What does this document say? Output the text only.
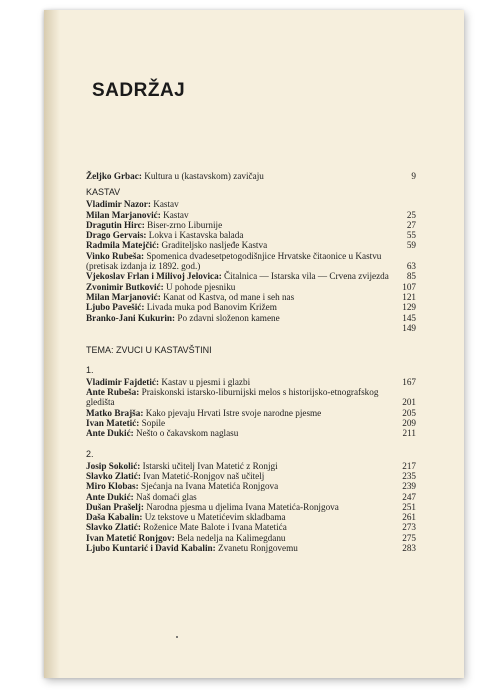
SADRŽAJ
Željko Grbac: Kultura u (kastavskom) zavičaju	9
KASTAV
Vladimir Nazor: Kastav
Milan Marjanović: Kastav	25
Dragutin Hirc: Biser-zrno Liburnije	27
Drago Gervais: Lokva i Kastavska balada	55
Radmila Matejčić: Graditeljsko nasljeđe Kastva	59
Vinko Rubeša: Spomenica dvadesetpetogodišnjice Hrvatske čitaonice u Kastvu (pretisak izdanja iz 1892. god.)	63
Vjekoslav Frlan i Milivoj Jelovica: Čitalnica — Istarska vila — Crvena zvijezda	85
Zvonimir Butković: U pohode pjesniku	107
Milan Marjanović: Kanat od Kastva, od mane i seh nas	121
Ljubo Pavešić: Livada muka pod Banovim Križem	129
Branko-Jani Kukurin: Po zdavni složenon kamene	145
149
TEMA: ZVUCI U KASTAVŠTINI
1.
Vladimir Fajdetić: Kastav u pjesmi i glazbi	167
Ante Rubeša: Praiskonski istarsko-liburnijski melos s historijsko-etnografskog gledišta	201
Matko Brajša: Kako pjevaju Hrvati Istre svoje narodne pjesme	205
Ivan Matetić: Sopile	209
Ante Dukić: Nešto o čakavskom naglasu	211
2.
Josip Sokolić: Istarski učitelj Ivan Matetić z Ronjgi	217
Slavko Zlatić: Ivan Matetić-Ronjgov naš učitelj	235
Miro Klobas: Sjećanja na Ivana Matetića Ronjgova	239
Ante Dukić: Naš domaći glas	247
Dušan Prašelj: Narodna pjesma u djelima Ivana Matetića-Ronjgova	251
Daša Kabalin: Uz tekstove u Matetićevim skladbama	261
Slavko Zlatić: Roženice Mate Balote i Ivana Matetića	273
Ivan Matetić Ronjgov: Bela nedelja na Kalimegdanu	275
Ljubo Kuntarić i David Kabalin: Zvanetu Ronjgovemu	283
